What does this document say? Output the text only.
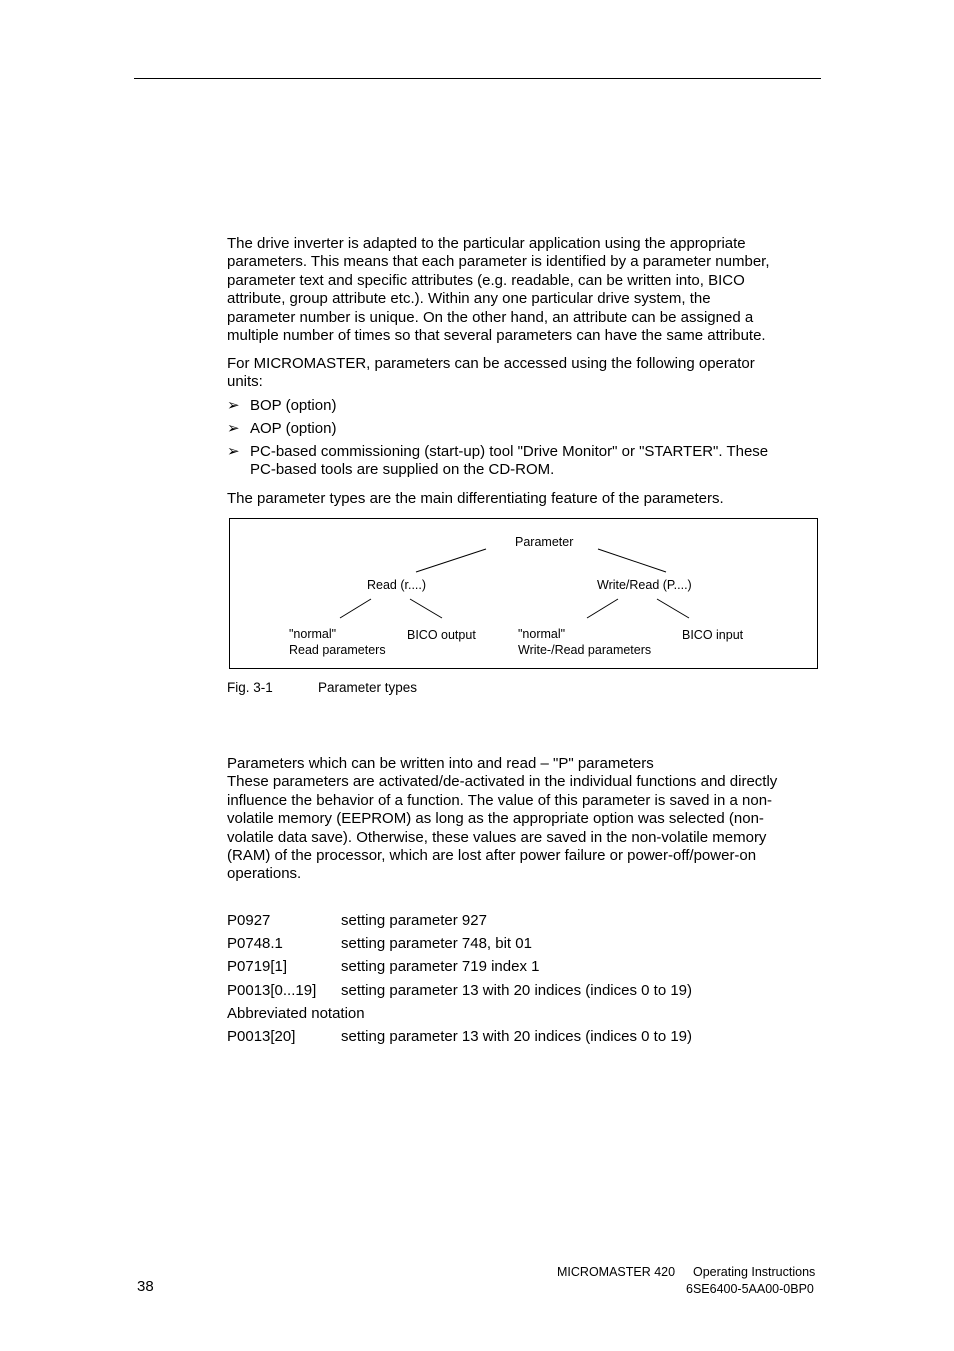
The drive inverter is adapted to the particular application using the appropriate
parameters. This means that each parameter is identified by a parameter number,
parameter text and specific attributes (e.g. readable, can be written into, BICO
attribute, group attribute etc.). Within any one particular drive system, the
parameter number is unique. On the other hand, an attribute can be assigned a
multiple number of times so that several parameters can have the same attribute.
For MICROMASTER, parameters can be accessed using the following operator
units:
➢ BOP (option)
➢ AOP (option)
➢ PC-based commissioning (start-up) tool "Drive Monitor" or "STARTER". These
PC-based tools are supplied on the CD-ROM.
The parameter types are the main differentiating feature of the parameters.
Parameter
Read (r....)	Write/Read (P....)
"normal"
Read parameters
BICO output	"normal"
Write-/Read parameters
BICO input
Fig. 3-1	Parameter types
Parameters which can be written into and read – "P" parameters
These parameters are activated/de-activated in the individual functions and directly
influence the behavior of a function. The value of this parameter is saved in a non-
volatile memory (EEPROM) as long as the appropriate option was selected (non-
volatile data save). Otherwise, these values are saved in the non-volatile memory
(RAM) of the processor, which are lost after power failure or power-off/power-on
operations.
P0927	setting parameter 927
P0748.1	setting parameter 748, bit 01
P0719[1]	setting parameter 719 index 1
P0013[0...19] setting parameter 13 with 20 indices (indices 0 to 19)
Abbreviated notation
P0013[20]	setting parameter 13 with 20 indices (indices 0 to 19)
38
MICROMASTER 420 Operating Instructions
6SE6400-5AA00-0BP0
